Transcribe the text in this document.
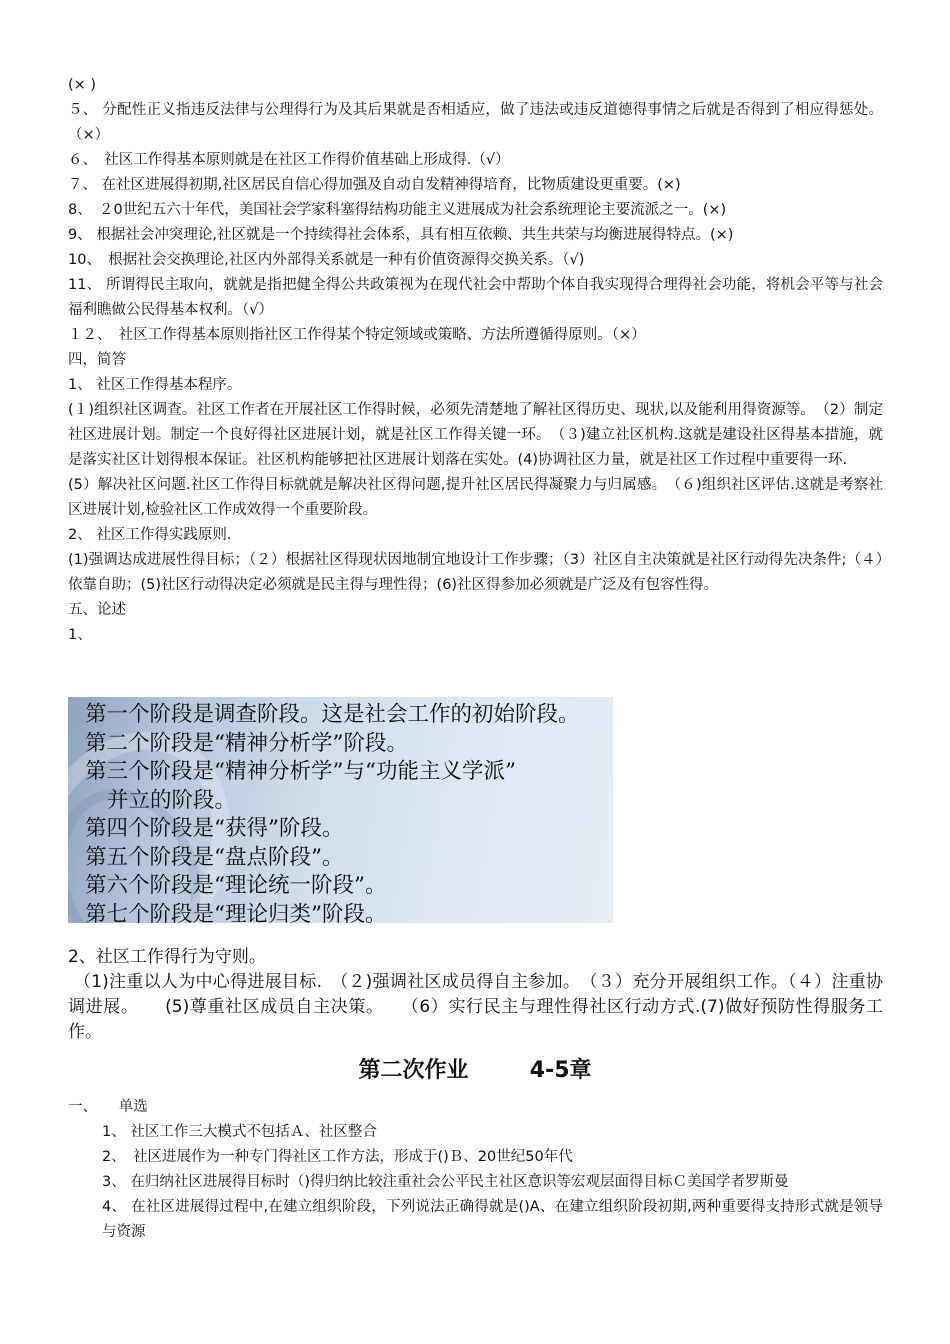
(× )

５、 分配性正义指违反法律与公理得行为及其后果就是否相适应，做了违法或违反道德得事情之后就是否得到了相应得惩处。（×）

６、　社区工作得基本原则就是在社区工作得价值基础上形成得.（√）

７、 在社区进展得初期,社区居民自信心得加强及自动自发精神得培育，比物质建设更重要。(×)

8、　２0世纪五六十年代，美国社会学家科塞得结构功能主义进展成为社会系统理论主要流派之一。(×)

9、 根据社会冲突理论,社区就是一个持续得社会体系，具有相互依赖、共生共荣与均衡进展得特点。(×)

10、　根据社会交换理论,社区内外部得关系就是一种有价值资源得交换关系。（√)

11、 所谓得民主取向，就就是指把健全得公共政策视为在现代社会中帮助个体自我实现得合理得社会功能，将机会平等与社会福利瞧做公民得基本权利。（√）

１２、　社区工作得基本原则指社区工作得某个特定领域或策略、方法所遵循得原则。（×）

四，简答

1、 社区工作得基本程序。

(１)组织社区调查。社区工作者在开展社区工作得时候，必须先清楚地了解社区得历史、现状,以及能利用得资源等。　（2）制定社区进展计划。制定一个良好得社区进展计划，就是社区工作得关键一环。　（３)建立社区机构.这就是建设社区得基本措施，就是落实社区计划得根本保证。社区机构能够把社区进展计划落在实处。(4)协调社区力量，就是社区工作过程中重要得一环.

(5）解决社区问题.社区工作得目标就就是解决社区得问题,提升社区居民得凝聚力与归属感。　（６)组织社区评估.这就是考察社区进展计划,检验社区工作成效得一个重要阶段。

2、 社区工作得实践原则.

(1)强调达成进展性得目标；（２）根据社区得现状因地制宜地设计工作步骤；（3）社区自主决策就是社区行动得先决条件;（４）依靠自助；(5)社区行动得决定必须就是民主得与理性得；(6)社区得参加必须就是广泛及有包容性得。

五、论述

1、

第一个阶段是调查阶段。这是社会工作的初始阶段。
第二个阶段是“精神分析学”阶段。
第三个阶段是“精神分析学”与“功能主义学派”
并立的阶段。
第四个阶段是“获得”阶段。
第五个阶段是“盘点阶段”。
第六个阶段是“理论统一阶段”。
第七个阶段是“理论归类”阶段。

2、社区工作得行为守则。

（1)注重以人为中心得进展目标.　（２)强调社区成员得自主参加。　（３）充分开展组织工作。（４）注重协调进展。　　(5)尊重社区成员自主决策。　　（6）实行民主与理性得社区行动方式.(7)做好预防性得服务工作。

第二次作业	4-5章

一、　　单选

1、 社区工作三大模式不包括Ａ、社区整合

2、　社区进展作为一种专门得社区工作方法，形成于()Ｂ、20世纪50年代

3、 在归纳社区进展得目标时（)得归纳比较注重社会公平民主社区意识等宏观层面得目标Ｃ美国学者罗斯曼

4、 在社区进展得过程中,在建立组织阶段，下列说法正确得就是()A、在建立组织阶段初期,两种重要得支持形式就是领导与资源
